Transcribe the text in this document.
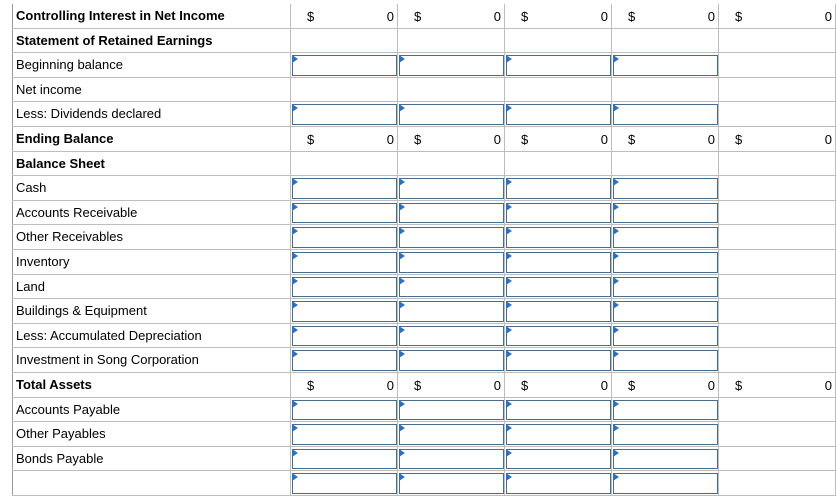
Controlling Interest in Net Income	$	0 $	0 $	0 $	0 $	0
Statement of Retained Earnings
Beginning balance
Net income
Less: Dividends declared
Ending Balance	$	0 $	0 $	0 $	0 $	0
Balance Sheet
Cash
Accounts Receivable
Other Receivables
Inventory
Land
Buildings & Equipment
Less: Accumulated Depreciation
Investment in Song Corporation
Total Assets	$	0 $	0 $	0 $	0 $	0
Accounts Payable
Other Payables
Bonds Payable
